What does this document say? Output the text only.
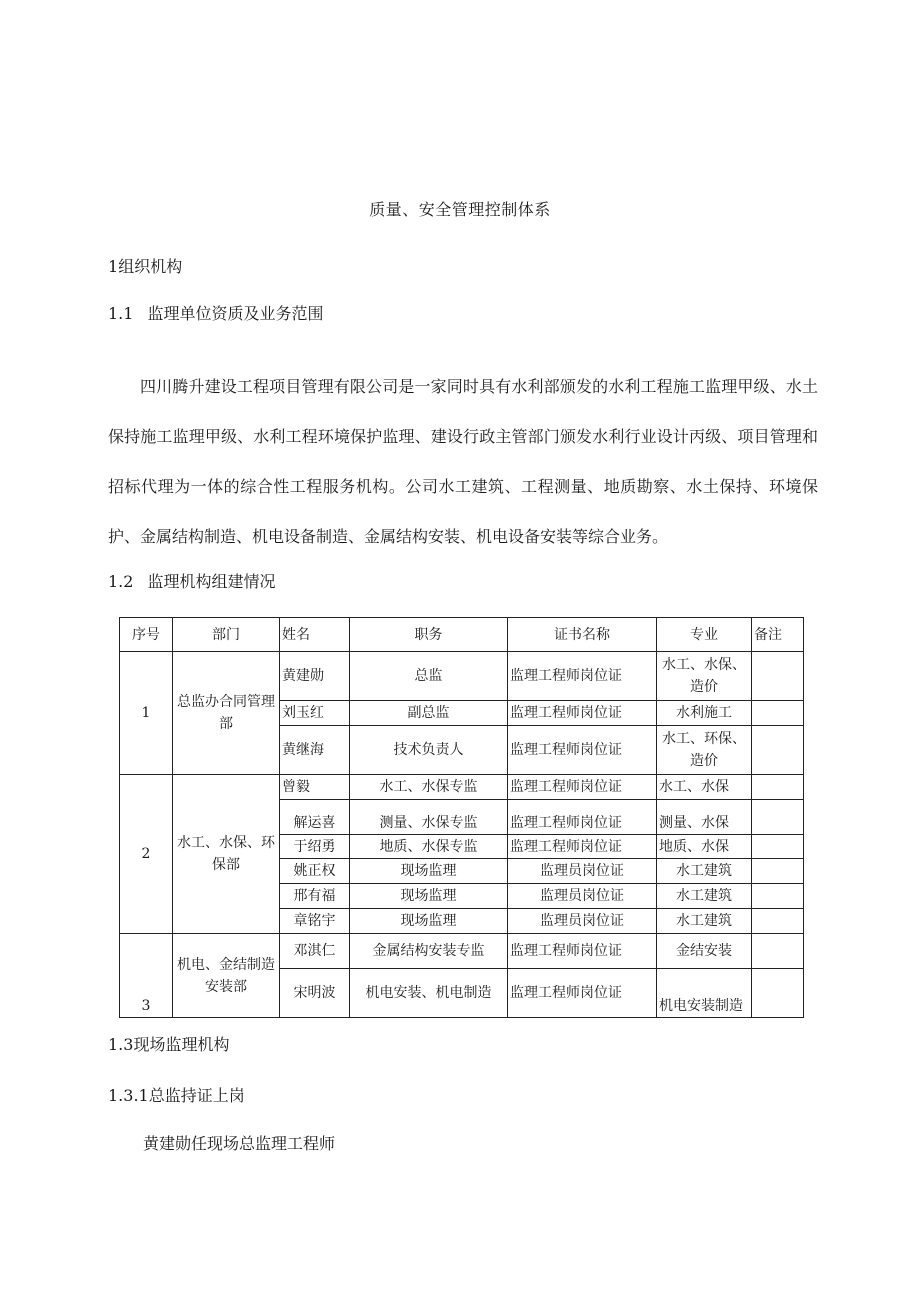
质量、安全管理控制体系
1组织机构
1.1 监理单位资质及业务范围
四川腾升建设工程项目管理有限公司是一家同时具有水利部颁发的水利工程施工监理甲级、水土保持施工监理甲级、水利工程环境保护监理、建设行政主管部门颁发水利行业设计丙级、项目管理和招标代理为一体的综合性工程服务机构。公司水工建筑、工程测量、地质勘察、水土保持、环境保护、金属结构制造、机电设备制造、金属结构安装、机电设备安装等综合业务。
1.2 监理机构组建情况
序号	部门	姓名	职务	证书名称	专业	备注
1	总监办合同管理部	黄建勋	总监	监理工程师岗位证	水工、水保、造价	
		刘玉红	副总监	监理工程师岗位证	水利施工	
		黄继海	技术负责人	监理工程师岗位证	水工、环保、造价	
2	水工、水保、环保部	曾毅	水工、水保专监	监理工程师岗位证	水工、水保	
		解运喜	测量、水保专监	监理工程师岗位证	测量、水保	
		于绍勇	地质、水保专监	监理工程师岗位证	地质、水保	
		姚正权	现场监理	监理员岗位证	水工建筑	
		邢有福	现场监理	监理员岗位证	水工建筑	
		章铭宇	现场监理	监理员岗位证	水工建筑	
3	机电、金结制造安装部	邓淇仁	金属结构安装专监	监理工程师岗位证	金结安装	
		宋明波	机电安装、机电制造	监理工程师岗位证	机电安装制造	
1.3现场监理机构
1.3.1总监持证上岗
黄建勋任现场总监理工程师
